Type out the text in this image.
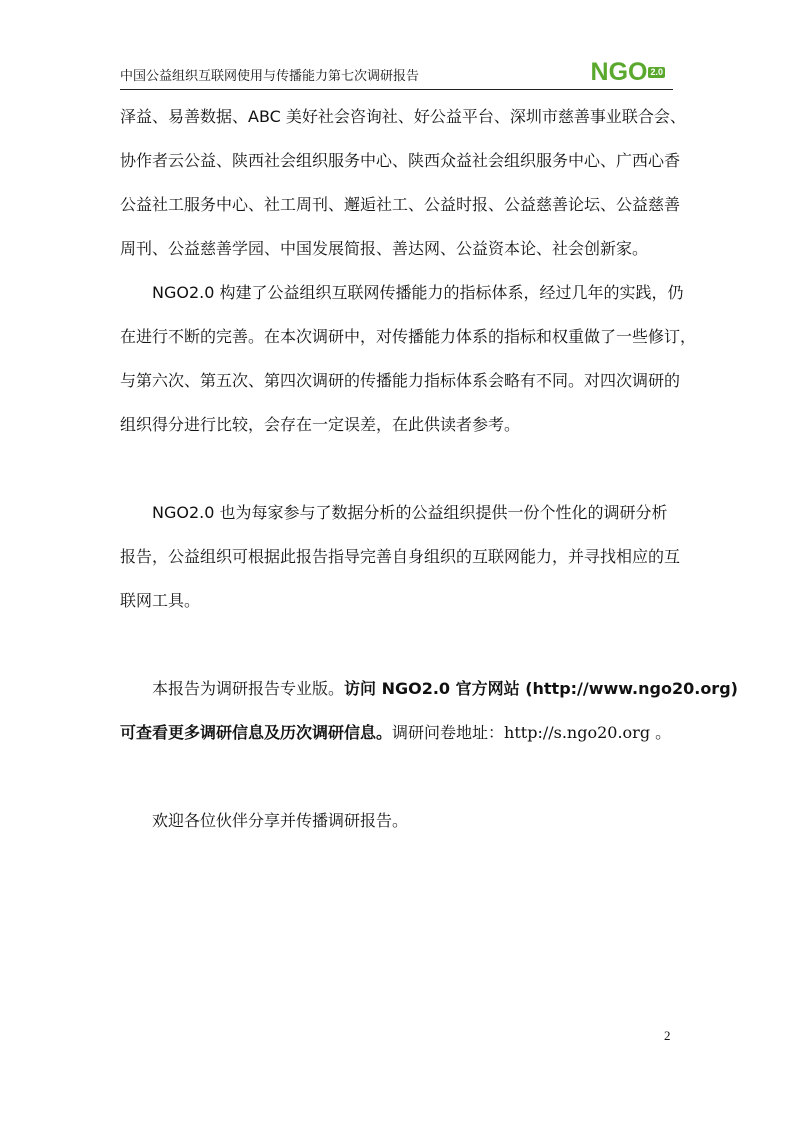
中国公益组织互联网使用与传播能力第七次调研报告	NGO 2.0
泽益、易善数据、ABC 美好社会咨询社、好公益平台、深圳市慈善事业联合会、
协作者云公益、陕西社会组织服务中心、陕西众益社会组织服务中心、广西心香
公益社工服务中心、社工周刊、邂逅社工、公益时报、公益慈善论坛、公益慈善
周刊、公益慈善学园、中国发展简报、善达网、公益资本论、社会创新家。
NGO2.0 构建了公益组织互联网传播能力的指标体系，经过几年的实践，仍
在进行不断的完善。在本次调研中，对传播能力体系的指标和权重做了一些修订，
与第六次、第五次、第四次调研的传播能力指标体系会略有不同。对四次调研的
组织得分进行比较，会存在一定误差，在此供读者参考。
NGO2.0 也为每家参与了数据分析的公益组织提供一份个性化的调研分析
报告，公益组织可根据此报告指导完善自身组织的互联网能力，并寻找相应的互
联网工具。
本报告为调研报告专业版。访问 NGO2.0 官方网站 (http://www.ngo20.org)
可查看更多调研信息及历次调研信息。调研问卷地址：http://s.ngo20.org 。
欢迎各位伙伴分享并传播调研报告。
2
